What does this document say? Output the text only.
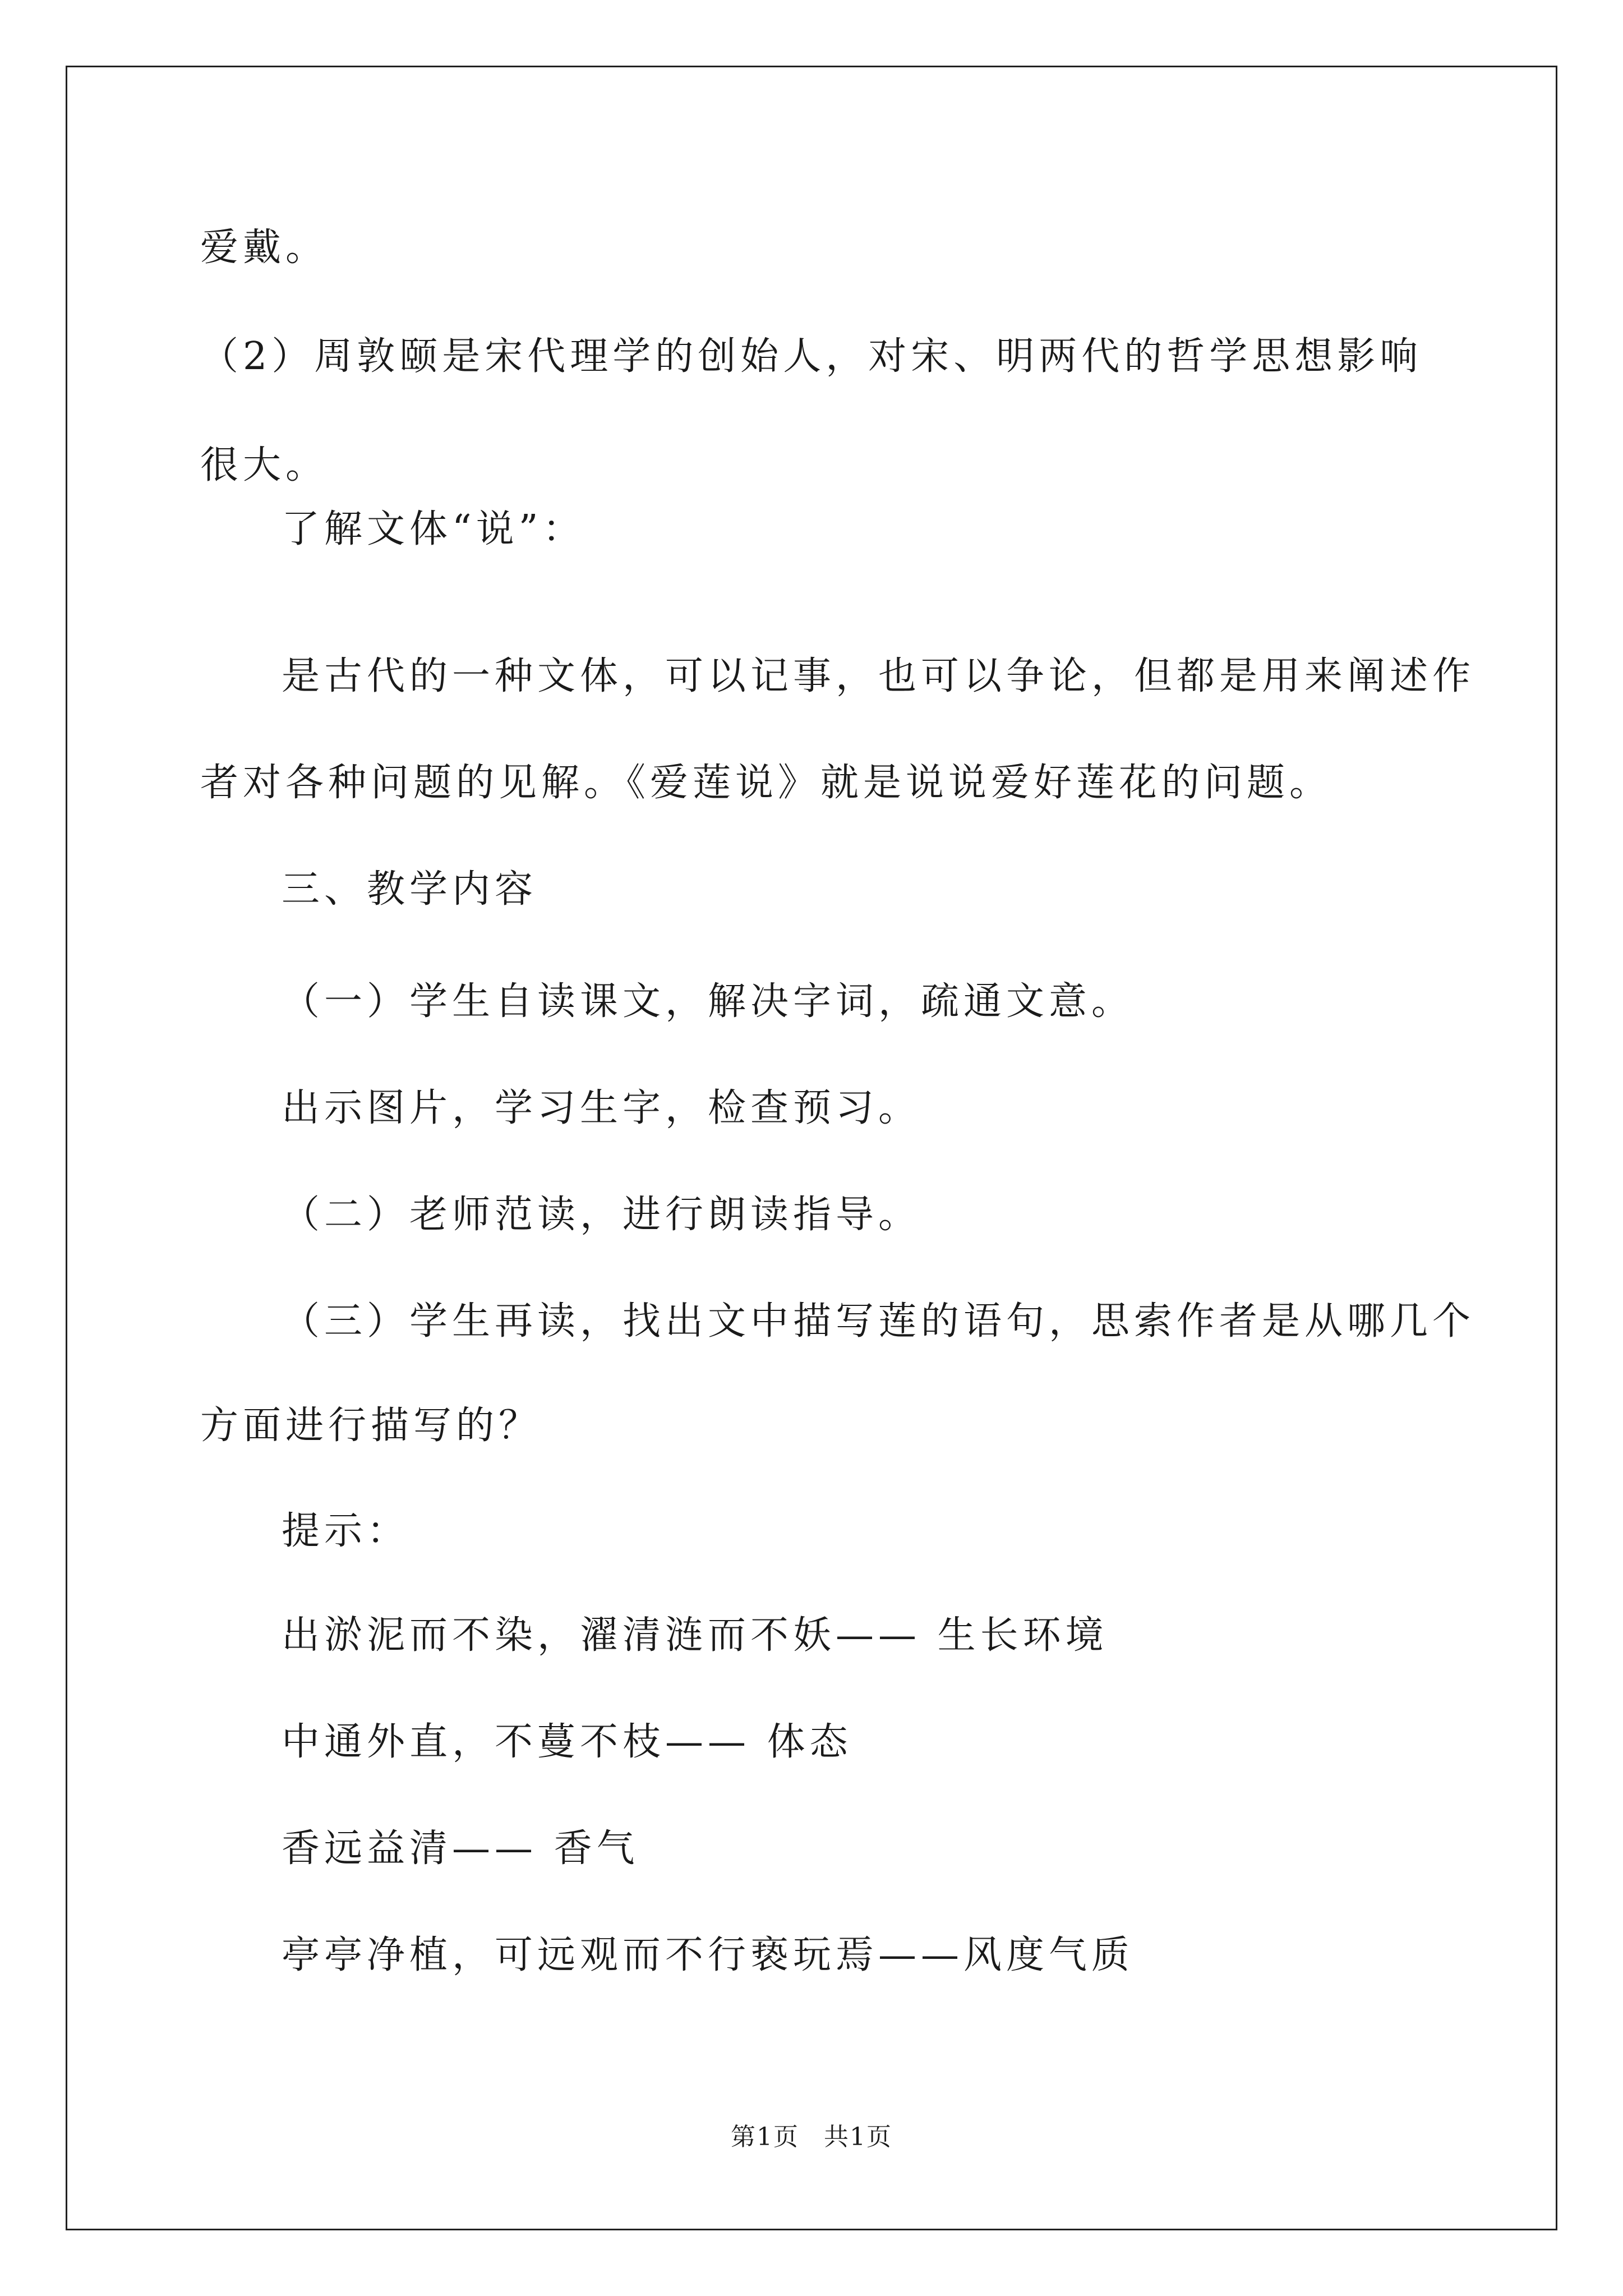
爱戴。
（2）周敦颐是宋代理学的创始人，对宋、明两代的哲学思想影响
很大。
了解文体“说”：
是古代的一种文体，可以记事，也可以争论，但都是用来阐述作
者对各种问题的见解。《爱莲说》就是说说爱好莲花的问题。
三、教学内容
（一）学生自读课文，解决字词，疏通文意。
出示图片，学习生字，检查预习。
（二）老师范读，进行朗读指导。
（三）学生再读，找出文中描写莲的语句，思索作者是从哪几个
方面进行描写的？
提示：
出淤泥而不染，濯清涟而不妖—— 生长环境
中通外直，不蔓不枝—— 体态
香远益清—— 香气
亭亭净植，可远观而不行亵玩焉——风度气质
第1页 共1页
